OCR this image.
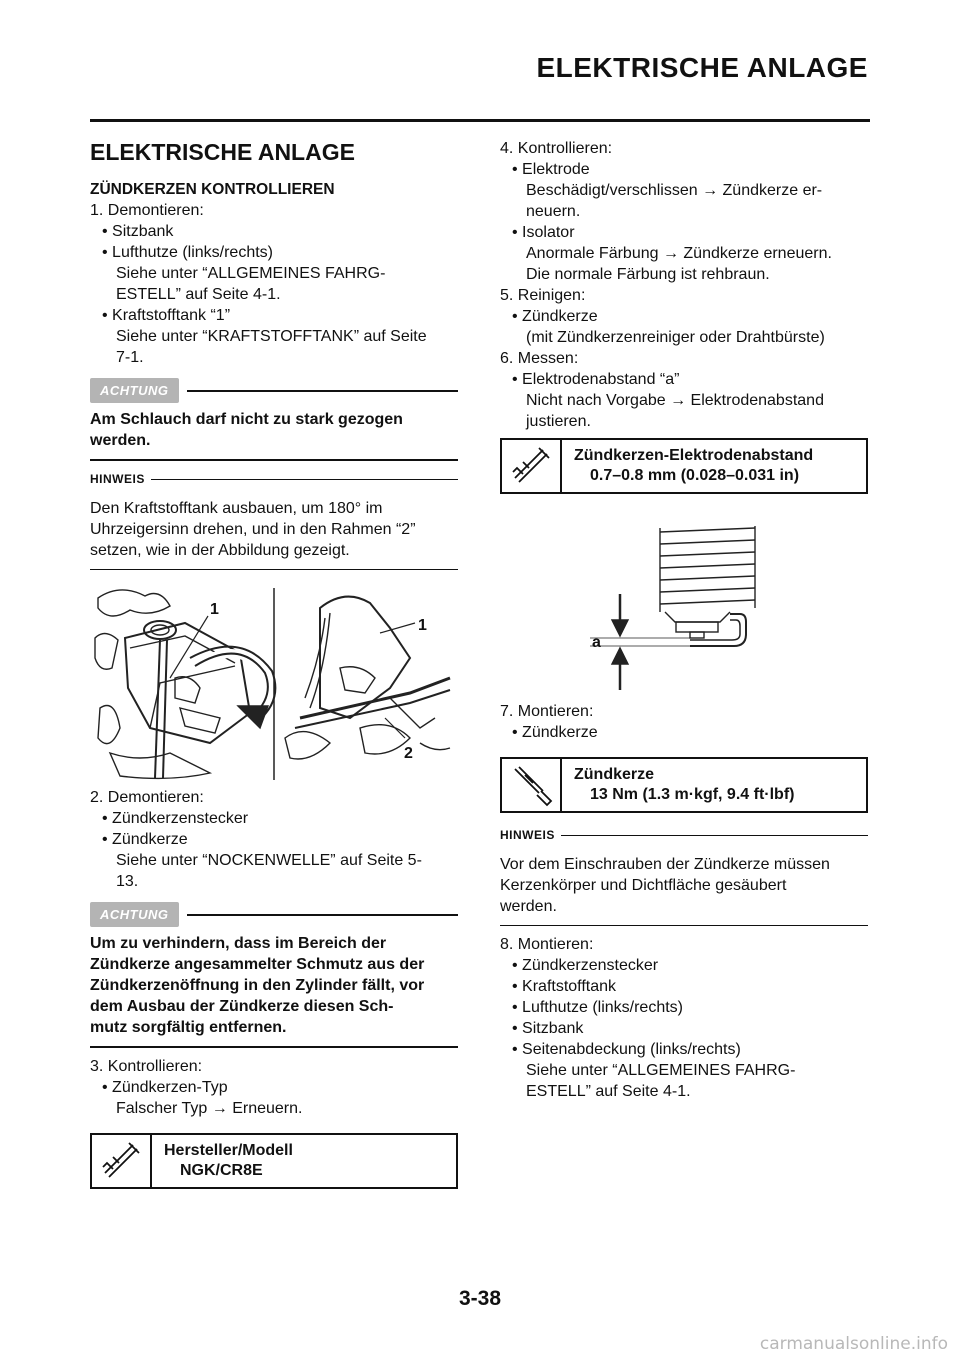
ELEKTRISCHE ANLAGE

ELEKTRISCHE ANLAGE

ZÜNDKERZEN KONTROLLIEREN

1. Demontieren:

• Sitzbank

• Lufthutze (links/rechts)

Siehe unter “ALLGEMEINES FAHRG-

ESTELL” auf Seite 4-1.

• Kraftstofftank “1”

Siehe unter “KRAFTSTOFFTANK” auf Seite

7-1.

ACHTUNG

Am Schlauch darf nicht zu stark gezogen

werden.

HINWEIS

Den Kraftstofftank ausbauen, um 180° im

Uhrzeigersinn drehen, und in den Rahmen “2”

setzen, wie in der Abbildung gezeigt.

1
1
2

2. Demontieren:

• Zündkerzenstecker

• Zündkerze

Siehe unter “NOCKENWELLE” auf Seite 5-

13.

ACHTUNG

Um zu verhindern, dass im Bereich der

Zündkerze angesammelter Schmutz aus der

Zündkerzenöffnung in den Zylinder fällt, vor

dem Ausbau der Zündkerze diesen Sch-

mutz sorgfältig entfernen.

3. Kontrollieren:

• Zündkerzen-Typ

Falscher Typ → Erneuern.

Hersteller/Modell
NGK/CR8E

4. Kontrollieren:

• Elektrode

Beschädigt/verschlissen → Zündkerze er-

neuern.

• Isolator

Anormale Färbung → Zündkerze erneuern.

Die normale Färbung ist rehbraun.

5. Reinigen:

• Zündkerze

(mit Zündkerzenreiniger oder Drahtbürste)

6. Messen:

• Elektrodenabstand “a”

Nicht nach Vorgabe → Elektrodenabstand

justieren.

Zündkerzen-Elektrodenabstand
0.7–0.8 mm (0.028–0.031 in)
a

7. Montieren:

• Zündkerze

Zündkerze
13 Nm (1.3 m·kgf, 9.4 ft·lbf)
HINWEIS

Vor dem Einschrauben der Zündkerze müssen

Kerzenkörper und Dichtfläche gesäubert

werden.

8. Montieren:

• Zündkerzenstecker

• Kraftstofftank

• Lufthutze (links/rechts)

• Sitzbank

• Seitenabdeckung (links/rechts)

Siehe unter “ALLGEMEINES FAHRG-

ESTELL” auf Seite 4-1.

3-38
carmanualsonline.info
